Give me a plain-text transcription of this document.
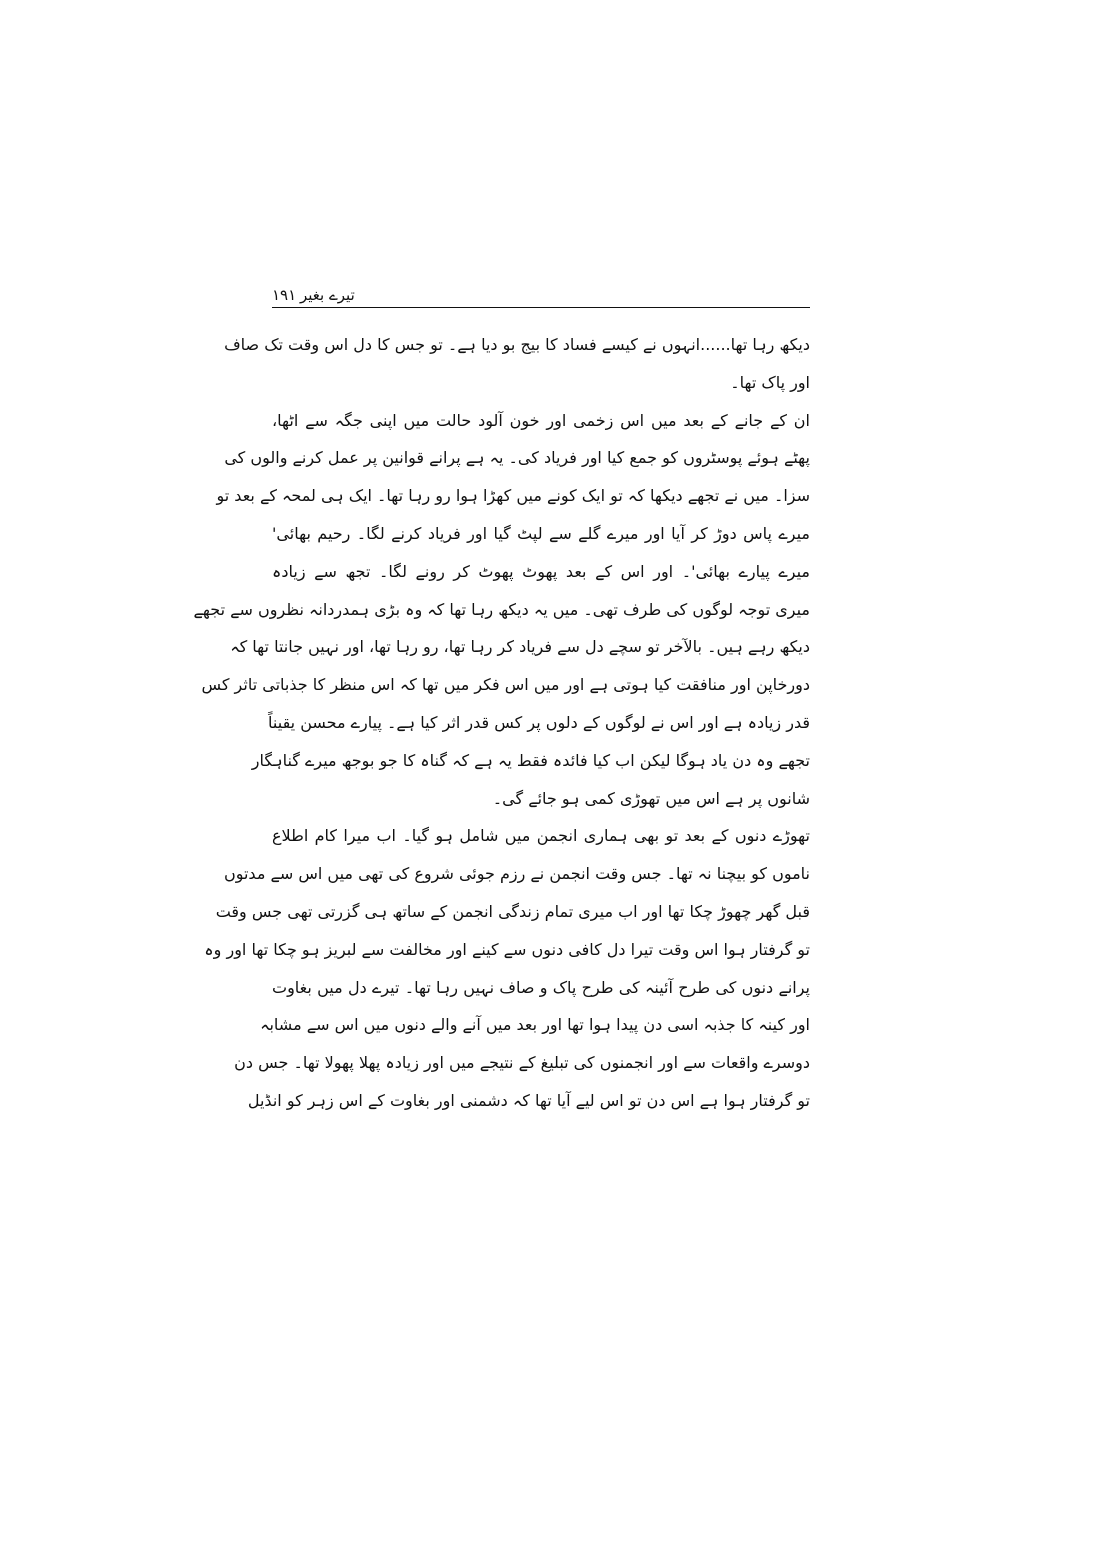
۱۹۱ تیرے بغیر
دیکھ رہا تھا......انہوں نے کیسے فساد کا بیج بو دیا ہے۔ تو جس کا دل اس وقت تک صاف
اور پاک تھا۔
ان کے جانے کے بعد میں اس زخمی اور خون آلود حالت میں اپنی جگہ سے اٹھا،
پھٹے ہوئے پوسٹروں کو جمع کیا اور فریاد کی۔ یہ ہے پرانے قوانین پر عمل کرنے والوں کی
سزا۔ میں نے تجھے دیکھا کہ تو ایک کونے میں کھڑا ہوا رو رہا تھا۔ ایک ہی لمحہ کے بعد تو
میرے پاس دوڑ کر آیا اور میرے گلے سے لپٹ گیا اور فریاد کرنے لگا۔ رحیم بھائی'
میرے پیارے بھائی'۔ اور اس کے بعد پھوٹ پھوٹ کر رونے لگا۔ تجھ سے زیادہ
میری توجہ لوگوں کی طرف تھی۔ میں یہ دیکھ رہا تھا کہ وہ بڑی ہمدردانہ نظروں سے تجھے
دیکھ رہے ہیں۔ بالآخر تو سچے دل سے فریاد کر رہا تھا، رو رہا تھا، اور نہیں جانتا تھا کہ
دورخاپن اور منافقت کیا ہوتی ہے اور میں اس فکر میں تھا کہ اس منظر کا جذباتی تاثر کس
قدر زیادہ ہے اور اس نے لوگوں کے دلوں پر کس قدر اثر کیا ہے۔ پیارے محسن یقیناً
تجھے وہ دن یاد ہوگا لیکن اب کیا فائدہ فقط یہ ہے کہ گناہ کا جو بوجھ میرے گناہگار
شانوں پر ہے اس میں تھوڑی کمی ہو جائے گی۔
تھوڑے دنوں کے بعد تو بھی ہماری انجمن میں شامل ہو گیا۔ اب میرا کام اطلاع
ناموں کو بیچنا نہ تھا۔ جس وقت انجمن نے رزم جوئی شروع کی تھی میں اس سے مدتوں
قبل گھر چھوڑ چکا تھا اور اب میری تمام زندگی انجمن کے ساتھ ہی گزرتی تھی جس وقت
تو گرفتار ہوا اس وقت تیرا دل کافی دنوں سے کینے اور مخالفت سے لبریز ہو چکا تھا اور وہ
پرانے دنوں کی طرح آئینہ کی طرح پاک و صاف نہیں رہا تھا۔ تیرے دل میں بغاوت
اور کینہ کا جذبہ اسی دن پیدا ہوا تھا اور بعد میں آنے والے دنوں میں اس سے مشابہ
دوسرے واقعات سے اور انجمنوں کی تبلیغ کے نتیجے میں اور زیادہ پھلا پھولا تھا۔ جس دن
تو گرفتار ہوا ہے اس دن تو اس لیے آیا تھا کہ دشمنی اور بغاوت کے اس زہر کو انڈیل
